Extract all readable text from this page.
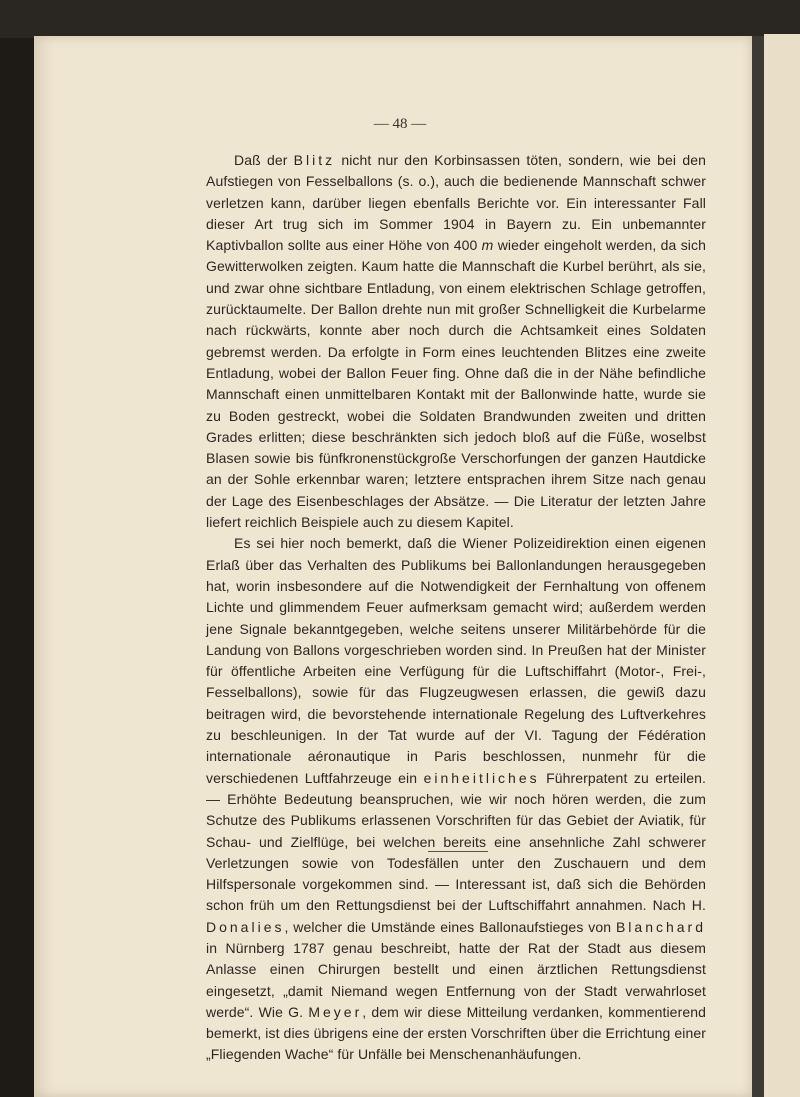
— 48 —

Daß der Blitz nicht nur den Korbinsassen töten, sondern, wie bei den Aufstiegen von Fesselballons (s. o.), auch die bedienende Mannschaft schwer verletzen kann, darüber liegen ebenfalls Berichte vor. Ein interessanter Fall dieser Art trug sich im Sommer 1904 in Bayern zu. Ein unbemannter Kaptivballon sollte aus einer Höhe von 400 m wieder eingeholt werden, da sich Gewitterwolken zeigten. Kaum hatte die Mannschaft die Kurbel berührt, als sie, und zwar ohne sichtbare Entladung, von einem elektrischen Schlage getroffen, zurücktaumelte. Der Ballon drehte nun mit großer Schnelligkeit die Kurbelarme nach rückwärts, konnte aber noch durch die Achtsamkeit eines Soldaten gebremst werden. Da erfolgte in Form eines leuchtenden Blitzes eine zweite Entladung, wobei der Ballon Feuer fing. Ohne daß die in der Nähe befindliche Mannschaft einen unmittelbaren Kontakt mit der Ballonwinde hatte, wurde sie zu Boden gestreckt, wobei die Soldaten Brandwunden zweiten und dritten Grades erlitten; diese beschränkten sich jedoch bloß auf die Füße, woselbst Blasen sowie bis fünfkronenstückgroße Verschorfungen der ganzen Hautdicke an der Sohle erkennbar waren; letztere entsprachen ihrem Sitze nach genau der Lage des Eisenbeschlages der Absätze. — Die Literatur der letzten Jahre liefert reichlich Beispiele auch zu diesem Kapitel.

Es sei hier noch bemerkt, daß die Wiener Polizeidirektion einen eigenen Erlaß über das Verhalten des Publikums bei Ballonlandungen herausgegeben hat, worin insbesondere auf die Notwendigkeit der Fernhaltung von offenem Lichte und glimmendem Feuer aufmerksam gemacht wird; außerdem werden jene Signale bekanntgegeben, welche seitens unserer Militärbehörde für die Landung von Ballons vorgeschrieben worden sind. In Preußen hat der Minister für öffentliche Arbeiten eine Verfügung für die Luftschiffahrt (Motor-, Frei-, Fesselballons), sowie für das Flugzeugwesen erlassen, die gewiß dazu beitragen wird, die bevorstehende internationale Regelung des Luftverkehres zu beschleunigen. In der Tat wurde auf der VI. Tagung der Fédération internationale aéronautique in Paris beschlossen, nunmehr für die verschiedenen Luftfahrzeuge ein einheitliches Führerpatent zu erteilen. — Erhöhte Bedeutung beanspruchen, wie wir noch hören werden, die zum Schutze des Publikums erlassenen Vorschriften für das Gebiet der Aviatik, für Schau- und Zielflüge, bei welchen bereits eine ansehnliche Zahl schwerer Verletzungen sowie von Todesfällen unter den Zuschauern und dem Hilfspersonale vorgekommen sind. — Interessant ist, daß sich die Behörden schon früh um den Rettungsdienst bei der Luftschiffahrt annahmen. Nach H. Donalies, welcher die Umstände eines Ballonaufstieges von Blanchard in Nürnberg 1787 genau beschreibt, hatte der Rat der Stadt aus diesem Anlasse einen Chirurgen bestellt und einen ärztlichen Rettungsdienst eingesetzt, „damit Niemand wegen Entfernung von der Stadt verwahrloset werde“. Wie G. Meyer, dem wir diese Mitteilung verdanken, kommentierend bemerkt, ist dies übrigens eine der ersten Vorschriften über die Errichtung einer „Fliegenden Wache“ für Unfälle bei Menschenanhäufungen.
